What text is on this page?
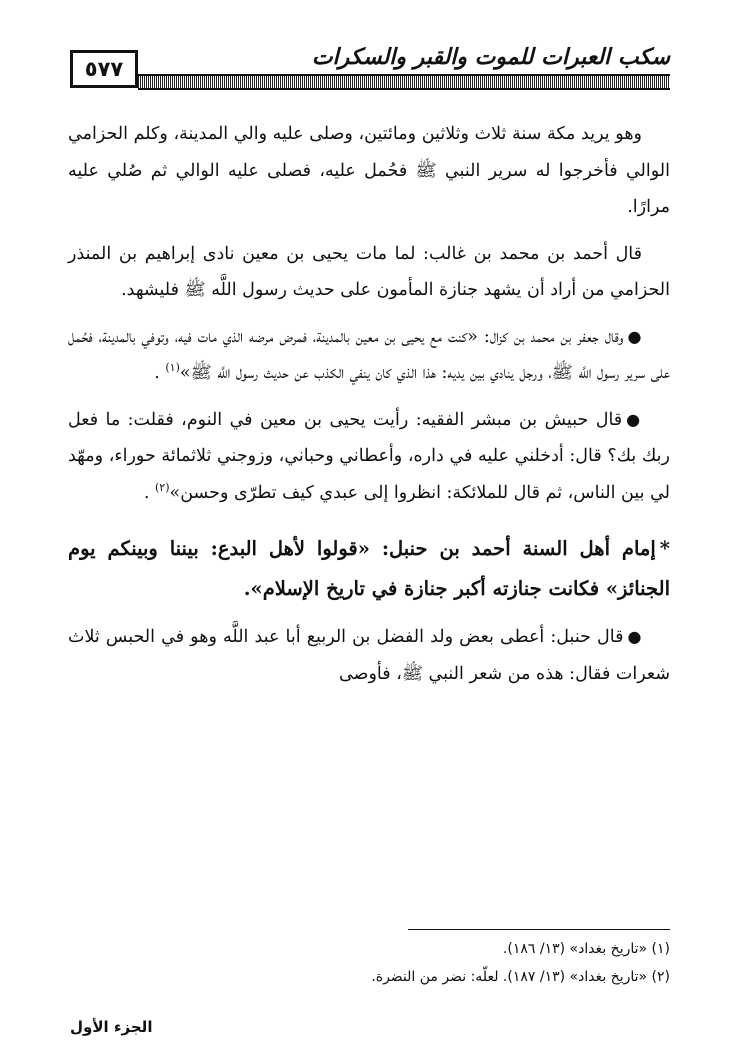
٥٧٧	سكب العبرات للموت والقبر والسكرات

وهو يريد مكة سنة ثلاث وثلاثين ومائتين، وصلى عليه والي المدينة، وكلم الحزامي الوالي فأخرجوا له سرير النبي ﷺ فحُمل عليه، فصلى عليه الوالي ثم صُلي عليه مرارًا.

قال أحمد بن محمد بن غالب: لما مات يحيى بن معين نادى إبراهيم بن المنذر الحزامي من أراد أن يشهد جنازة المأمون على حديث رسول اللَّه ﷺ فليشهد.

●وقال جعفر بن محمد بن كزال: «كنت مع يحيى بن معين بالمدينة، فمرض مرضه الذي مات فيه، وتوفي بالمدينة، فحُمل على سرير رسول اللَّه ﷺ، ورجل ينادي بين يديه: هذا الذي كان ينفي الكذب عن حديث رسول اللَّه ﷺ»$^{(١)}$ .

●قال حبيش بن مبشر الفقيه: رأيت يحيى بن معين في النوم، فقلت: ما فعل ربك بك؟ قال: أدخلني عليه في داره، وأعطاني وحباني، وزوجني ثلاثمائة حوراء، ومهّد لي بين الناس، ثم قال للملائكة: انظروا إلى عبدي كيف تطرّى وحسن»$^{(٢)}$ .

*إمام أهل السنة أحمد بن حنبل: «قولوا لأهل البدع: بيننا وبينكم يوم الجنائز» فكانت جنازته أكبر جنازة في تاريخ الإسلام».

●قال حنبل: أعطى بعض ولد الفضل بن الربيع أبا عبد اللَّه وهو في الحبس ثلاث شعرات فقال: هذه من شعر النبي ﷺ، فأوصى

(١) «تاريخ بغداد» (١٣/ ١٨٦).
(٢) «تاريخ بغداد» (١٣/ ١٨٧). لعلّه: نضر من النضرة.
الجزء الأول
